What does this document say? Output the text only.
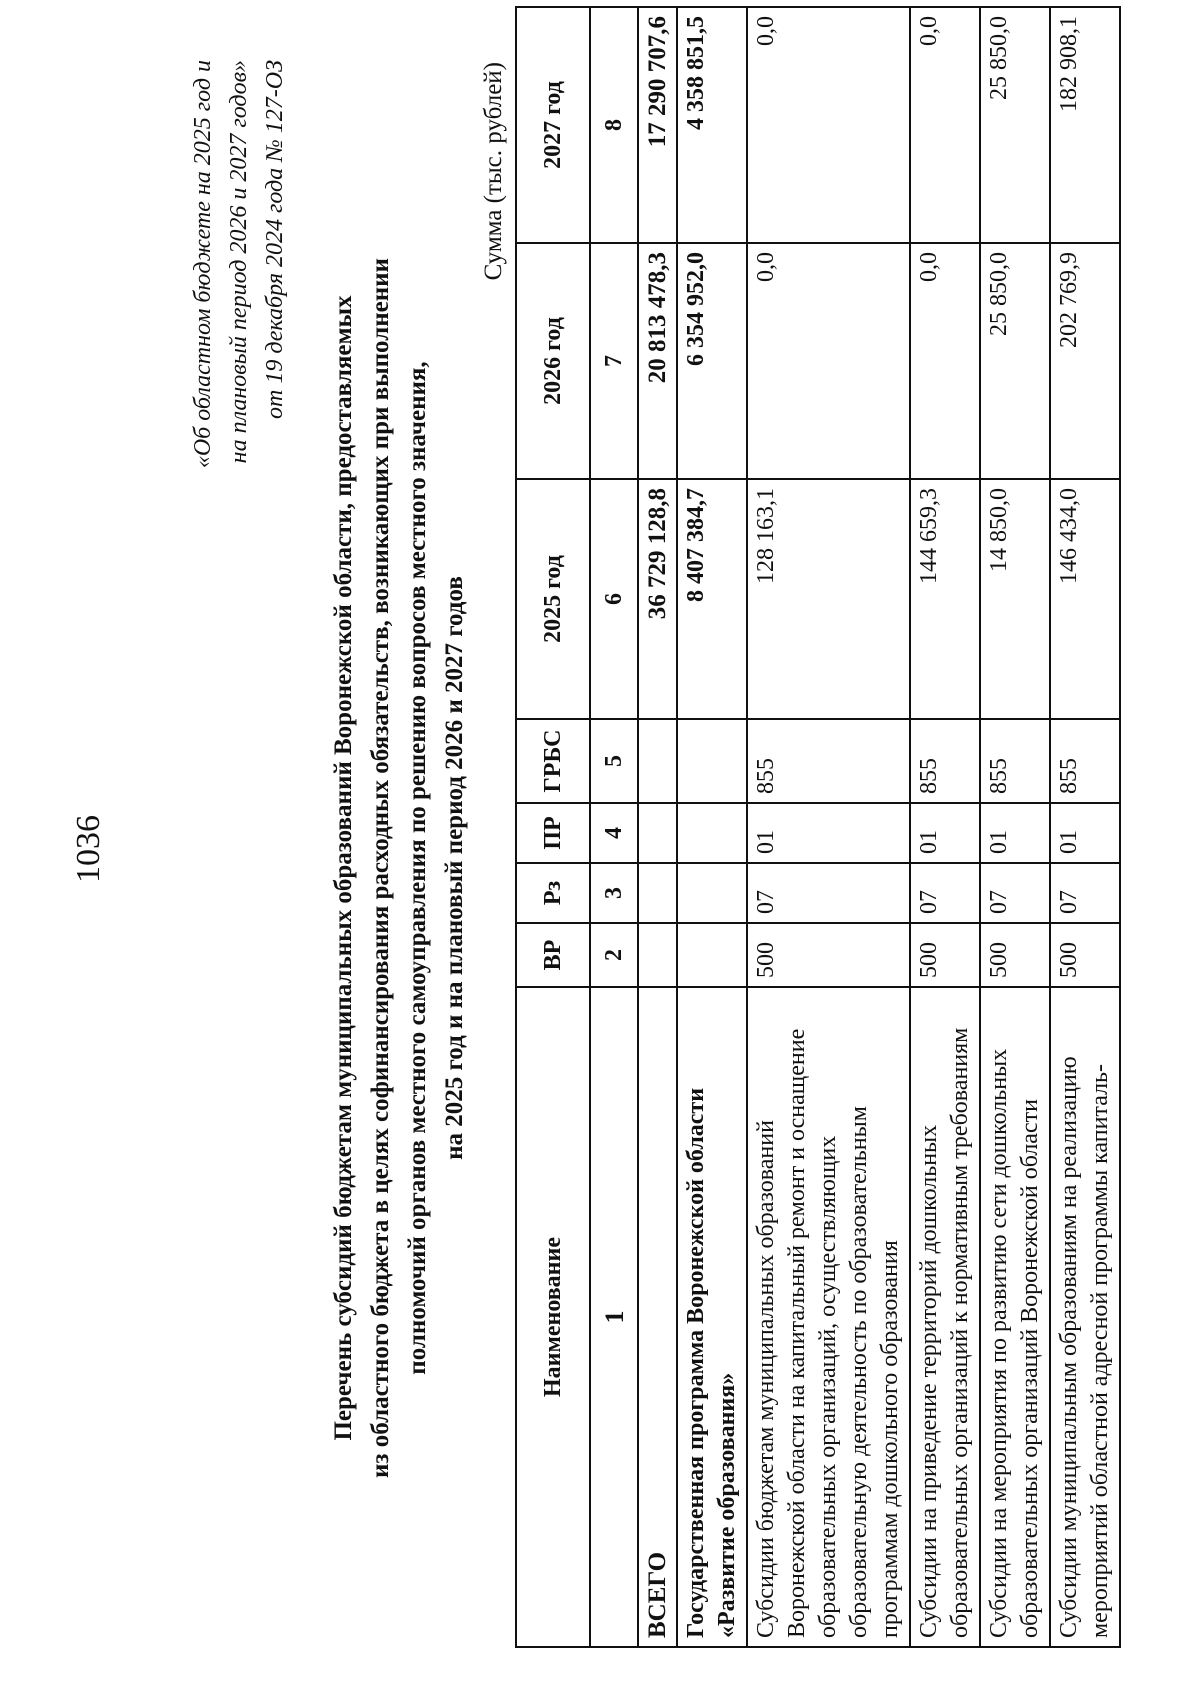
1036
«Об областном бюджете на 2025 год и на плановый период 2026 и 2027 годов» от 19 декабря 2024 года № 127-ОЗ
Перечень субсидий бюджетам муниципальных образований Воронежской области, предоставляемых из областного бюджета в целях софинансирования расходных обязательств, возникающих при выполнении полномочий органов местного самоуправления по решению вопросов местного значения, на 2025 год и на плановый период 2026 и 2027 годов
Сумма (тыс. рублей)
Наименование	ВР	Рз	ПР	ГРБС	2025 год	2026 год	2027 год
1	2	3	4	5	6	7	8
ВСЕГО					36 729 128,8	20 813 478,3	17 290 707,6
Государственная программа Воронежской области «Развитие образования»					8 407 384,7	6 354 952,0	4 358 851,5
Субсидии бюджетам муниципальных образований Воронежской области на капитальный ремонт и оснащение образовательных организаций, осуществляющих образовательную деятельность по образовательным программам дошкольного образования	500	07	01	855	128 163,1	0,0	0,0
Субсидии на приведение территорий дошкольных образовательных организаций к нормативным требованиям	500	07	01	855	144 659,3	0,0	0,0
Субсидии на мероприятия по развитию сети дошкольных образовательных организаций Воронежской области	500	07	01	855	14 850,0	25 850,0	25 850,0
Субсидии муниципальным образованиям на реализацию мероприятий областной адресной программы капиталь-	500	07	01	855	146 434,0	202 769,9	182 908,1
